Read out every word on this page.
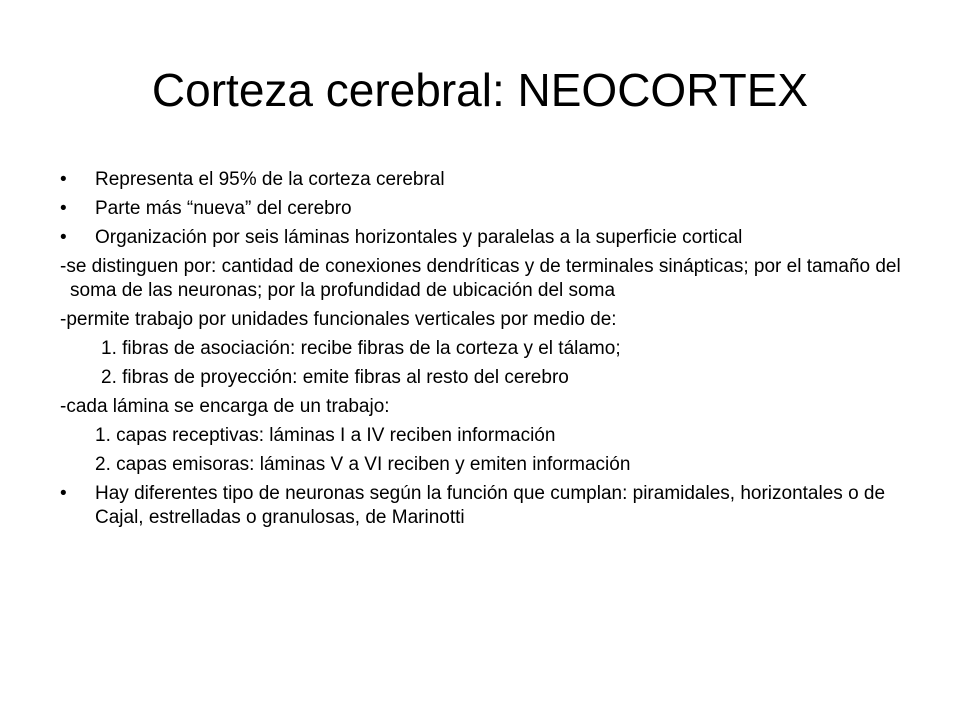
Corteza cerebral: NEOCORTEX
•	Representa el 95% de la corteza cerebral
•	Parte más “nueva” del cerebro
•	Organización por seis láminas horizontales y paralelas a la superficie cortical
-se distinguen por: cantidad de conexiones dendríticas y de terminales sinápticas; por el tamaño del soma de las neuronas; por la profundidad de ubicación del soma
-permite trabajo por unidades funcionales verticales por medio de:
1. fibras de asociación: recibe fibras de la corteza y el tálamo;
2. fibras de proyección: emite fibras al resto del cerebro
-cada lámina se encarga de un trabajo:
1. capas receptivas: láminas I a IV reciben información
2. capas emisoras: láminas V a VI reciben y emiten información
•	Hay diferentes tipo de neuronas según la función que cumplan: piramidales, horizontales o de Cajal, estrelladas o granulosas, de Marinotti
